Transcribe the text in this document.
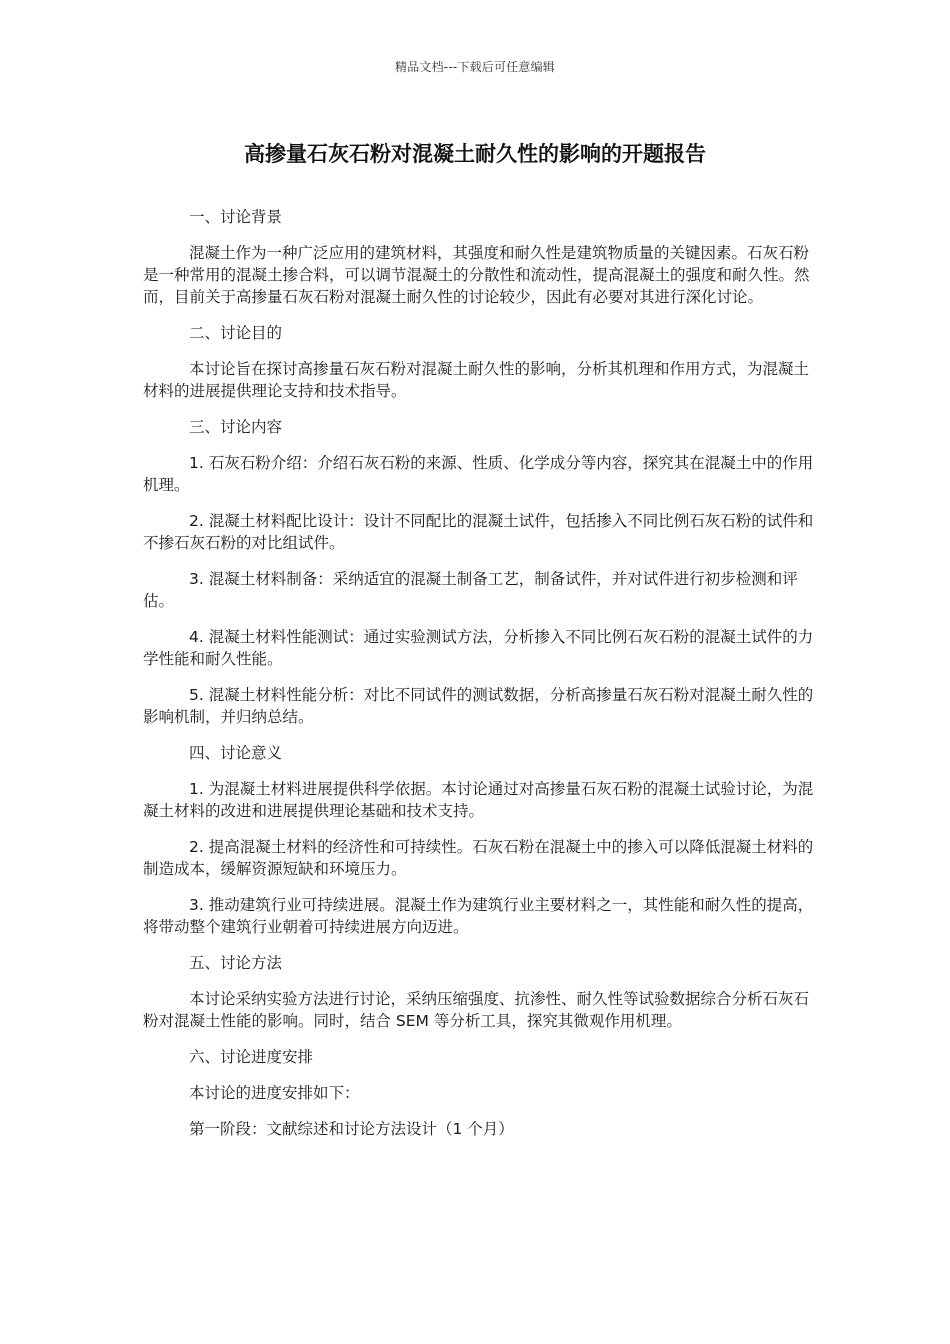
精品文档---下载后可任意编辑
高掺量石灰石粉对混凝土耐久性的影响的开题报告
一、讨论背景
混凝土作为一种广泛应用的建筑材料，其强度和耐久性是建筑物质量的关键因素。石灰石粉是一种常用的混凝土掺合料，可以调节混凝土的分散性和流动性，提高混凝土的强度和耐久性。然而，目前关于高掺量石灰石粉对混凝土耐久性的讨论较少，因此有必要对其进行深化讨论。
二、讨论目的
本讨论旨在探讨高掺量石灰石粉对混凝土耐久性的影响，分析其机理和作用方式，为混凝土材料的进展提供理论支持和技术指导。
三、讨论内容
1. 石灰石粉介绍：介绍石灰石粉的来源、性质、化学成分等内容，探究其在混凝土中的作用机理。
2. 混凝土材料配比设计：设计不同配比的混凝土试件，包括掺入不同比例石灰石粉的试件和不掺石灰石粉的对比组试件。
3. 混凝土材料制备：采纳适宜的混凝土制备工艺，制备试件，并对试件进行初步检测和评估。
4. 混凝土材料性能测试：通过实验测试方法，分析掺入不同比例石灰石粉的混凝土试件的力学性能和耐久性能。
5. 混凝土材料性能分析：对比不同试件的测试数据，分析高掺量石灰石粉对混凝土耐久性的影响机制，并归纳总结。
四、讨论意义
1. 为混凝土材料进展提供科学依据。本讨论通过对高掺量石灰石粉的混凝土试验讨论，为混凝土材料的改进和进展提供理论基础和技术支持。
2. 提高混凝土材料的经济性和可持续性。石灰石粉在混凝土中的掺入可以降低混凝土材料的制造成本，缓解资源短缺和环境压力。
3. 推动建筑行业可持续进展。混凝土作为建筑行业主要材料之一，其性能和耐久性的提高，将带动整个建筑行业朝着可持续进展方向迈进。
五、讨论方法
本讨论采纳实验方法进行讨论，采纳压缩强度、抗渗性、耐久性等试验数据综合分析石灰石粉对混凝土性能的影响。同时，结合 SEM 等分析工具，探究其微观作用机理。
六、讨论进度安排
本讨论的进度安排如下：
第一阶段：文献综述和讨论方法设计（1 个月）
